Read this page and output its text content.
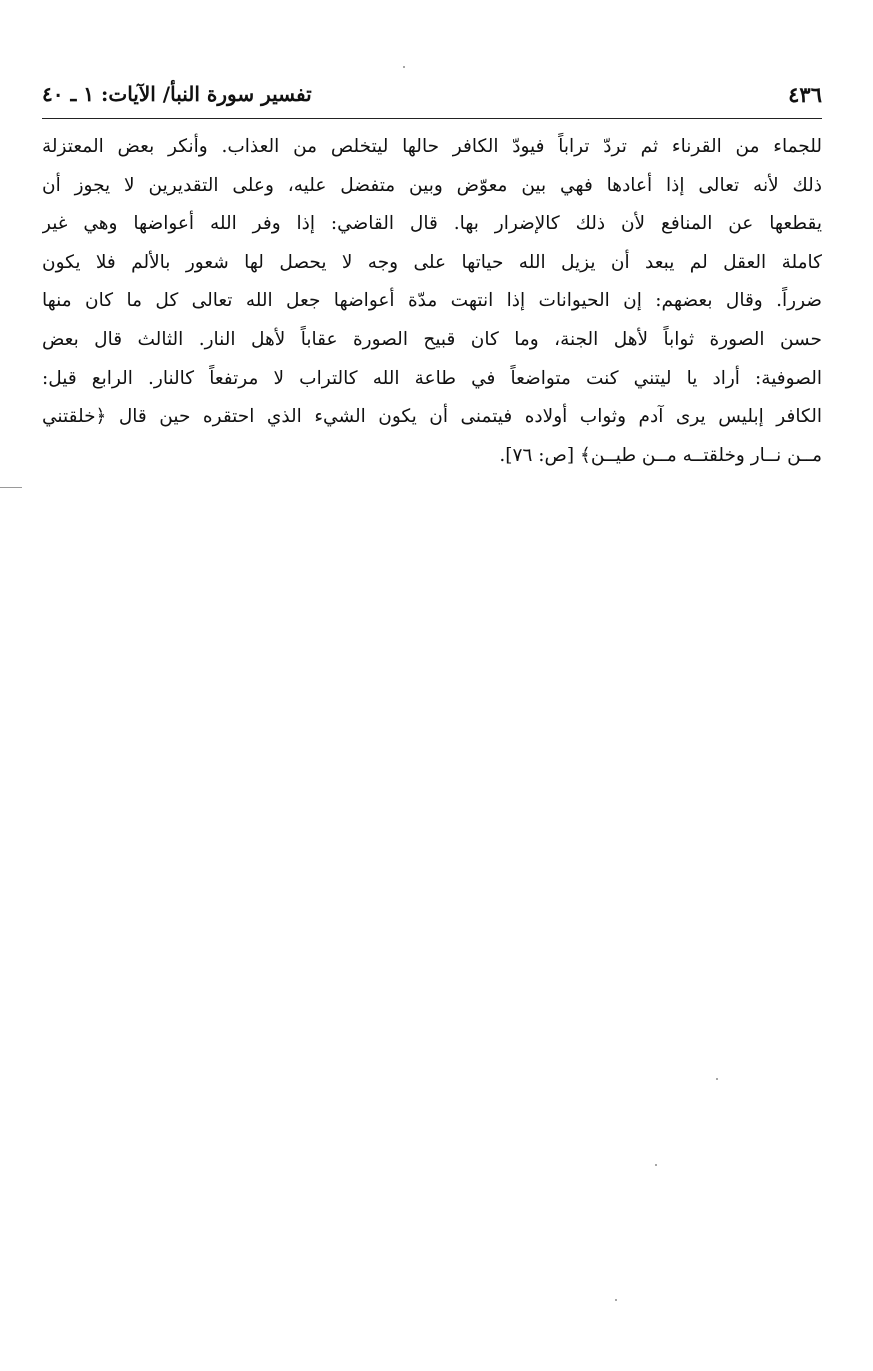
٤٣٦
تفسير سورة النبأ/ الآيات: ١ ـ ٤٠
للجماء من القرناء ثم تردّ تراباً فيودّ الكافر حالها ليتخلص من العذاب. وأنكر بعض المعتزلة
ذلك لأنه تعالى إذا أعادها فهي بين معوّض وبين متفضل عليه، وعلى التقديرين لا يجوز أن
يقطعها عن المنافع لأن ذلك كالإضرار بها. قال القاضي: إذا وفر الله أعواضها وهي غير
كاملة العقل لم يبعد أن يزيل الله حياتها على وجه لا يحصل لها شعور بالألم فلا يكون
ضرراً. وقال بعضهم: إن الحيوانات إذا انتهت مدّة أعواضها جعل الله تعالى كل ما كان منها
حسن الصورة ثواباً لأهل الجنة، وما كان قبيح الصورة عقاباً لأهل النار. الثالث قال بعض
الصوفية: أراد يا ليتني كنت متواضعاً في طاعة الله كالتراب لا مرتفعاً كالنار. الرابع قيل:
الكافر إبليس يرى آدم وثواب أولاده فيتمنى أن يكون الشيء الذي احتقره حين قال ﴿خلقتني
مــن نــار وخلقتــه مــن طيــن﴾ [ص: ٧٦].
